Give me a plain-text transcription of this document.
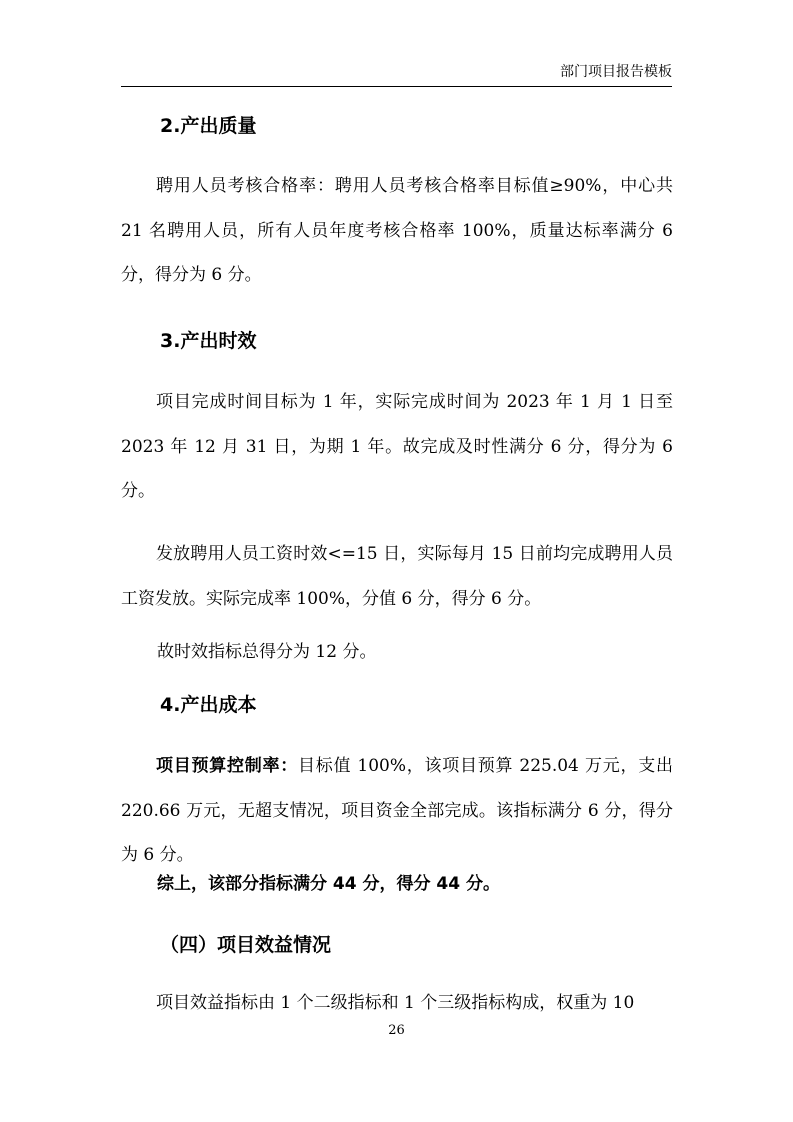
部门项目报告模板
2.产出质量
聘用人员考核合格率：聘用人员考核合格率目标值≥90%，中心共 21 名聘用人员，所有人员年度考核合格率 100%，质量达标率满分 6 分，得分为 6 分。
3.产出时效
项目完成时间目标为 1 年，实际完成时间为 2023 年 1 月 1 日至 2023 年 12 月 31 日，为期 1 年。故完成及时性满分 6 分，得分为 6 分。
发放聘用人员工资时效<=15 日，实际每月 15 日前均完成聘用人员工资发放。实际完成率 100%，分值 6 分，得分 6 分。
故时效指标总得分为 12 分。
4.产出成本
项目预算控制率：目标值 100%，该项目预算 225.04 万元，支出 220.66 万元，无超支情况，项目资金全部完成。该指标满分 6 分，得分为 6 分。
综上，该部分指标满分 44 分，得分 44 分。
（四）项目效益情况
项目效益指标由 1 个二级指标和 1 个三级指标构成，权重为 10
26
